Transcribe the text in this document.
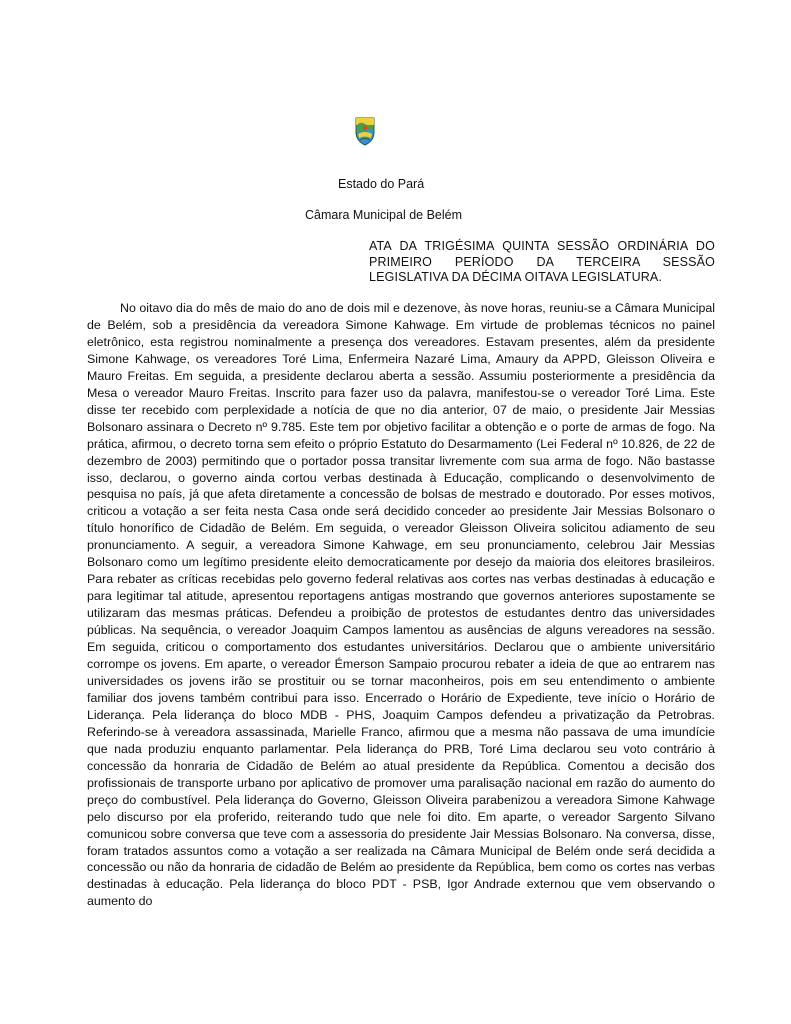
Estado do Pará
Câmara Municipal de Belém
ATA DA TRIGÉSIMA QUINTA SESSÃO ORDINÁRIA DO PRIMEIRO PERÍODO DA TERCEIRA SESSÃO LEGISLATIVA DA DÉCIMA OITAVA LEGISLATURA.

No oitavo dia do mês de maio do ano de dois mil e dezenove, às nove horas, reuniu-se a Câmara Municipal de Belém, sob a presidência da vereadora Simone Kahwage. Em virtude de problemas técnicos no painel eletrônico, esta registrou nominalmente a presença dos vereadores. Estavam presentes, além da presidente Simone Kahwage, os vereadores Toré Lima, Enfermeira Nazaré Lima, Amaury da APPD, Gleisson Oliveira e Mauro Freitas. Em seguida, a presidente declarou aberta a sessão. Assumiu posteriormente a presidência da Mesa o vereador Mauro Freitas. Inscrito para fazer uso da palavra, manifestou-se o vereador Toré Lima. Este disse ter recebido com perplexidade a notícia de que no dia anterior, 07 de maio, o presidente Jair Messias Bolsonaro assinara o Decreto nº 9.785. Este tem por objetivo facilitar a obtenção e o porte de armas de fogo. Na prática, afirmou, o decreto torna sem efeito o próprio Estatuto do Desarmamento (Lei Federal nº 10.826, de 22 de dezembro de 2003) permitindo que o portador possa transitar livremente com sua arma de fogo. Não bastasse isso, declarou, o governo ainda cortou verbas destinada à Educação, complicando o desenvolvimento de pesquisa no país, já que afeta diretamente a concessão de bolsas de mestrado e doutorado. Por esses motivos, criticou a votação a ser feita nesta Casa onde será decidido conceder ao presidente Jair Messias Bolsonaro o título honorífico de Cidadão de Belém. Em seguida, o vereador Gleisson Oliveira solicitou adiamento de seu pronunciamento. A seguir, a vereadora Simone Kahwage, em seu pronunciamento, celebrou Jair Messias Bolsonaro como um legítimo presidente eleito democraticamente por desejo da maioria dos eleitores brasileiros. Para rebater as críticas recebidas pelo governo federal relativas aos cortes nas verbas destinadas à educação e para legitimar tal atitude, apresentou reportagens antigas mostrando que governos anteriores supostamente se utilizaram das mesmas práticas. Defendeu a proibição de protestos de estudantes dentro das universidades públicas. Na sequência, o vereador Joaquim Campos lamentou as ausências de alguns vereadores na sessão. Em seguida, criticou o comportamento dos estudantes universitários. Declarou que o ambiente universitário corrompe os jovens. Em aparte, o vereador Émerson Sampaio procurou rebater a ideia de que ao entrarem nas universidades os jovens irão se prostituir ou se tornar maconheiros, pois em seu entendimento o ambiente familiar dos jovens também contribui para isso. Encerrado o Horário de Expediente, teve início o Horário de Liderança. Pela liderança do bloco MDB - PHS, Joaquim Campos defendeu a privatização da Petrobras. Referindo-se à vereadora assassinada, Marielle Franco, afirmou que a mesma não passava de uma imundície que nada produziu enquanto parlamentar. Pela liderança do PRB, Toré Lima declarou seu voto contrário à concessão da honraria de Cidadão de Belém ao atual presidente da República. Comentou a decisão dos profissionais de transporte urbano por aplicativo de promover uma paralisação nacional em razão do aumento do preço do combustível. Pela liderança do Governo, Gleisson Oliveira parabenizou a vereadora Simone Kahwage pelo discurso por ela proferido, reiterando tudo que nele foi dito. Em aparte, o vereador Sargento Silvano comunicou sobre conversa que teve com a assessoria do presidente Jair Messias Bolsonaro. Na conversa, disse, foram tratados assuntos como a votação a ser realizada na Câmara Municipal de Belém onde será decidida a concessão ou não da honraria de cidadão de Belém ao presidente da República, bem como os cortes nas verbas destinadas à educação. Pela liderança do bloco PDT - PSB, Igor Andrade externou que vem observando o aumento do
